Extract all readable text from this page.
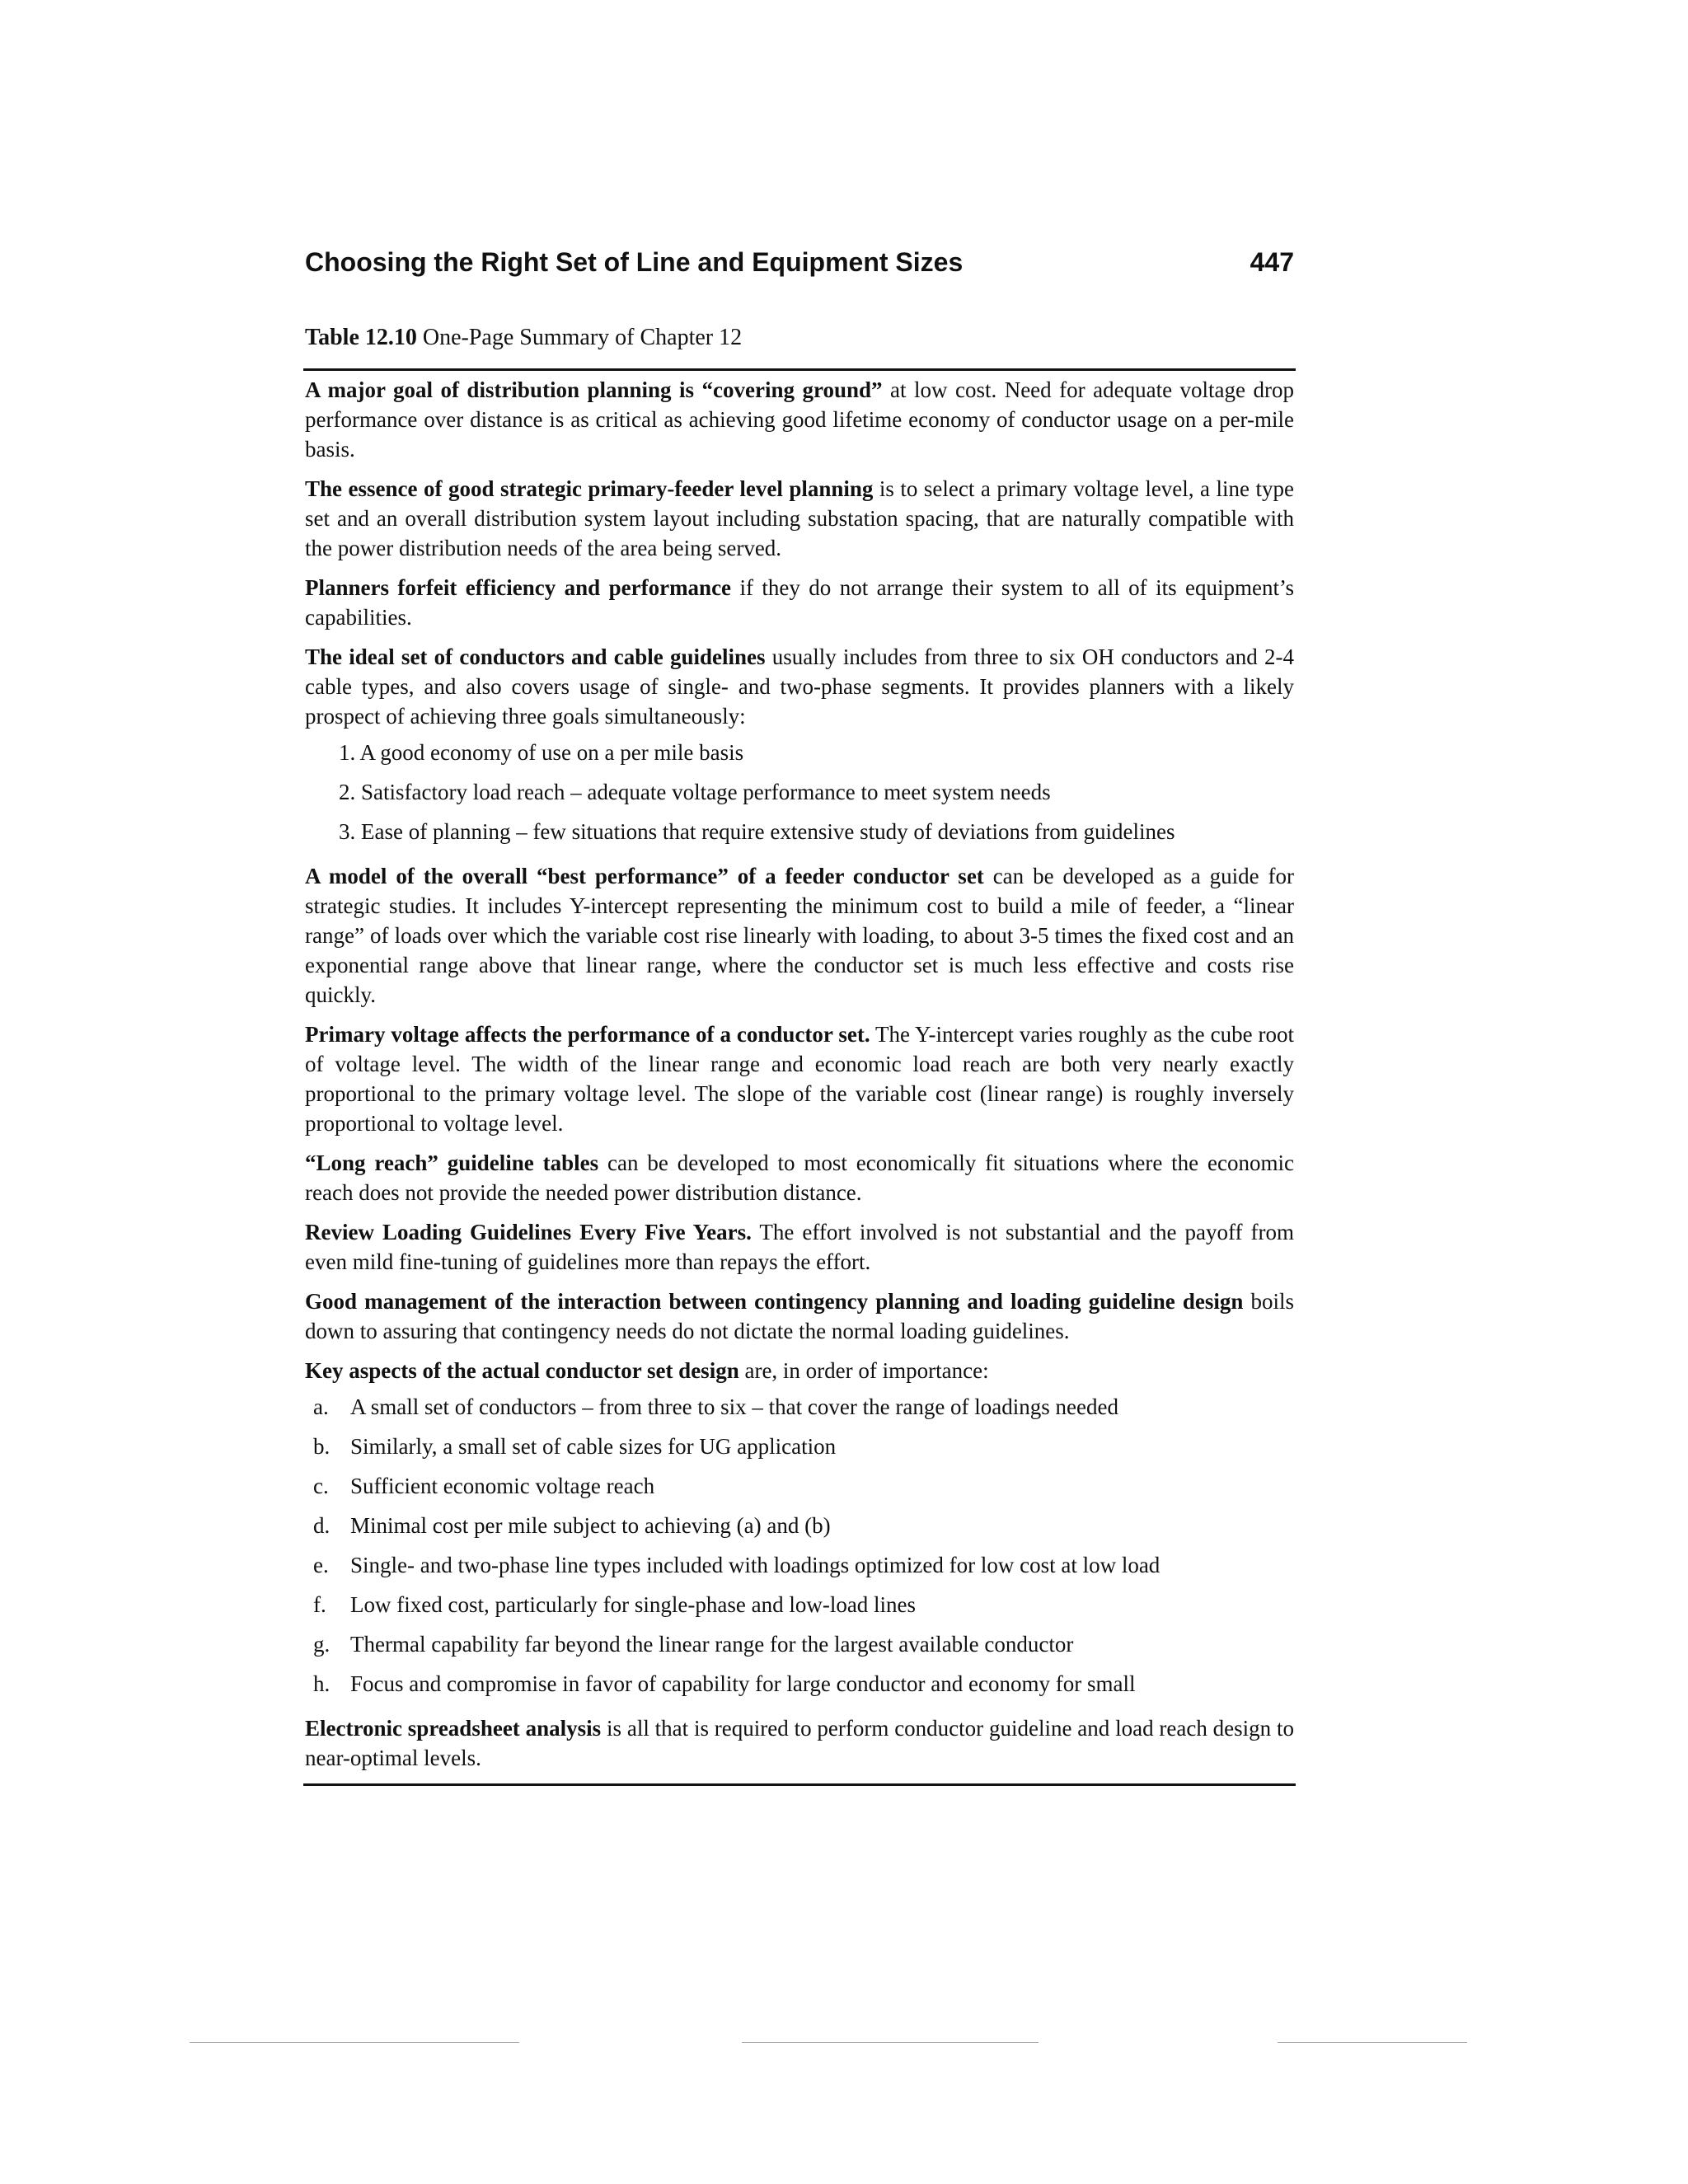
Choosing the Right Set of Line and Equipment Sizes	447
Table 12.10 One-Page Summary of Chapter 12

A major goal of distribution planning is “covering ground” at low cost. Need for adequate voltage drop performance over distance is as critical as achieving good lifetime economy of conductor usage on a per-mile basis.

The essence of good strategic primary-feeder level planning is to select a primary voltage level, a line type set and an overall distribution system layout including substation spacing, that are naturally compatible with the power distribution needs of the area being served.

Planners forfeit efficiency and performance if they do not arrange their system to all of its equipment’s capabilities.

The ideal set of conductors and cable guidelines usually includes from three to six OH conductors and 2-4 cable types, and also covers usage of single- and two-phase segments. It provides planners with a likely prospect of achieving three goals simultaneously:

1. A good economy of use on a per mile basis
2. Satisfactory load reach – adequate voltage performance to meet system needs
3. Ease of planning – few situations that require extensive study of deviations from guidelines

A model of the overall “best performance” of a feeder conductor set can be developed as a guide for strategic studies. It includes Y-intercept representing the minimum cost to build a mile of feeder, a “linear range” of loads over which the variable cost rise linearly with loading, to about 3-5 times the fixed cost and an exponential range above that linear range, where the conductor set is much less effective and costs rise quickly.

Primary voltage affects the performance of a conductor set. The Y-intercept varies roughly as the cube root of voltage level. The width of the linear range and economic load reach are both very nearly exactly proportional to the primary voltage level. The slope of the variable cost (linear range) is roughly inversely proportional to voltage level.

“Long reach” guideline tables can be developed to most economically fit situations where the economic reach does not provide the needed power distribution distance.

Review Loading Guidelines Every Five Years. The effort involved is not substantial and the payoff from even mild fine-tuning of guidelines more than repays the effort.

Good management of the interaction between contingency planning and loading guideline design boils down to assuring that contingency needs do not dictate the normal loading guidelines.

Key aspects of the actual conductor set design are, in order of importance:

a. A small set of conductors – from three to six – that cover the range of loadings needed
b. Similarly, a small set of cable sizes for UG application
c. Sufficient economic voltage reach
d. Minimal cost per mile subject to achieving (a) and (b)
e. Single- and two-phase line types included with loadings optimized for low cost at low load
f.	Low fixed cost, particularly for single-phase and low-load lines
g. Thermal capability far beyond the linear range for the largest available conductor
h. Focus and compromise in favor of capability for large conductor and economy for small

Electronic spreadsheet analysis is all that is required to perform conductor guideline and load reach design to near-optimal levels.
